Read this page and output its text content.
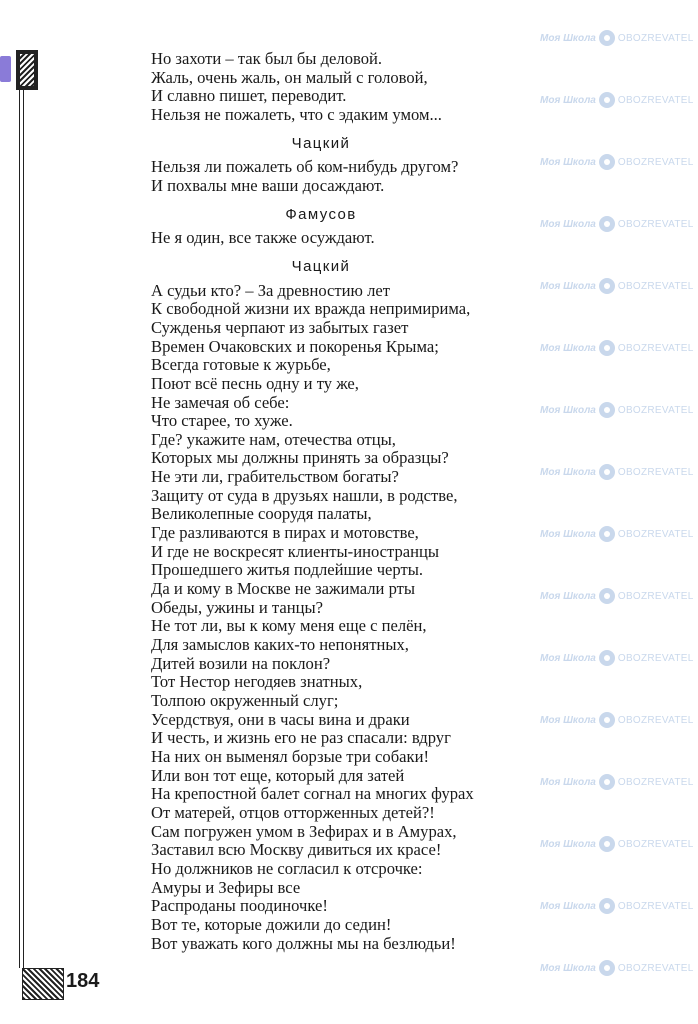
Моя Школа OBOZREVATEL
Моя Школа OBOZREVATEL
Моя Школа OBOZREVATEL
Моя Школа OBOZREVATEL
Моя Школа OBOZREVATEL
Моя Школа OBOZREVATEL
Моя Школа OBOZREVATEL
Моя Школа OBOZREVATEL
Моя Школа OBOZREVATEL
Моя Школа OBOZREVATEL
Моя Школа OBOZREVATEL
Моя Школа OBOZREVATEL
Моя Школа OBOZREVATEL
Моя Школа OBOZREVATEL
Моя Школа OBOZREVATEL
Моя Школа OBOZREVATEL
184
Но захоти – так был бы деловой.
Жаль, очень жаль, он малый с головой,
И славно пишет, переводит.
Нельзя не пожалеть, что с эдаким умом...
Чацкий
Нельзя ли пожалеть об ком-нибудь другом?
И похвалы мне ваши досаждают.
Фамусов
Не я один, все также осуждают.
Чацкий
А судьи кто? – За древностию лет
К свободной жизни их вражда непримирима,
Сужденья черпают из забытых газет
Времен Очаковских и покоренья Крыма;
Всегда готовые к журьбе,
Поют всё песнь одну и ту же,
Не замечая об себе:
Что старее, то хуже.
Где? укажите нам, отечества отцы,
Которых мы должны принять за образцы?
Не эти ли, грабительством богаты?
Защиту от суда в друзьях нашли, в родстве,
Великолепные соорудя палаты,
Где разливаются в пирах и мотовстве,
И где не воскресят клиенты-иностранцы
Прошедшего житья подлейшие черты.
Да и кому в Москве не зажимали рты
Обеды, ужины и танцы?
Не тот ли, вы к кому меня еще с пелён,
Для замыслов каких-то непонятных,
Дитей возили на поклон?
Тот Нестор негодяев знатных,
Толпою окруженный слуг;
Усердствуя, они в часы вина и драки
И честь, и жизнь его не раз спасали: вдруг
На них он выменял борзые три собаки!
Или вон тот еще, который для затей
На крепостной балет согнал на многих фурах
От матерей, отцов отторженных детей?!
Сам погружен умом в Зефирах и в Амурах,
Заставил всю Москву дивиться их красе!
Но должников не согласил к отсрочке:
Амуры и Зефиры все
Распроданы поодиночке!
Вот те, которые дожили до седин!
Вот уважать кого должны мы на безлюдьи!
